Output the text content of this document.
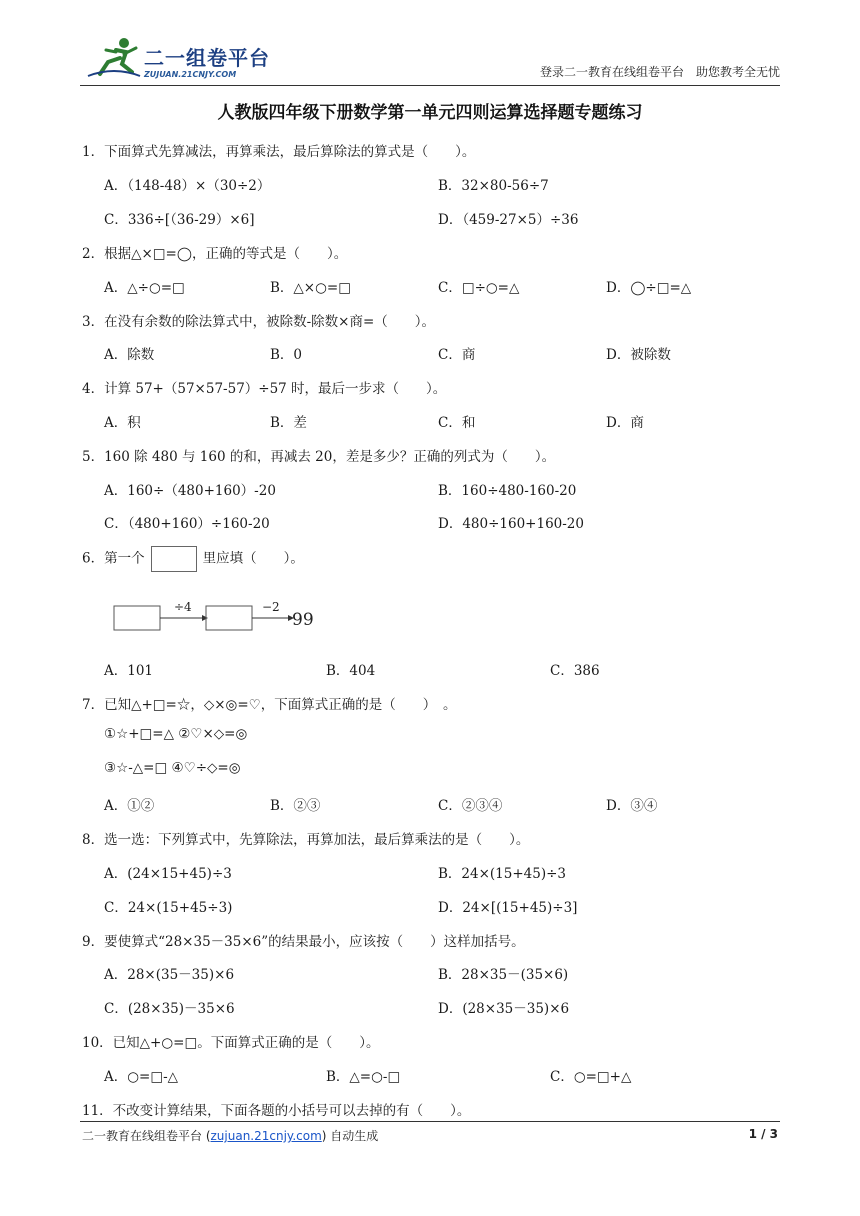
二一组卷平台
ZUJUAN.21CNJY.COM	登录二一教育在线组卷平台　助您教考全无忧
人教版四年级下册数学第一单元四则运算选择题专题练习
1．下面算式先算减法，再算乘法，最后算除法的算式是（　　）。
A．（148-48）×（30÷2）	B．32×80-56÷7
C．336÷[（36-29）×6]	D．（459-27×5）÷36
2．根据△×□=◯，正确的等式是（　　）。
A．△÷○=□	B．△×○=□	C．□÷○=△	D．◯÷□=△
3．在没有余数的除法算式中，被除数-除数×商=（　　）。
A．除数	B．0	C．商	D．被除数
4．计算 57+（57×57-57）÷57 时，最后一步求（　　）。
A．积	B．差	C．和	D．商
5．160 除 480 与 160 的和，再减去 20，差是多少？正确的列式为（　　）。
A．160÷（480+160）-20	B．160÷480-160-20
C．（480+160）÷160-20	D．480÷160+160-20
6．第一个	里应填（　　）。
÷4	−2
99
A．101	B．404	C．386
7．已知△+□=☆，◇×◎=♡，下面算式正确的是（　　）　。
①☆+□=△ ②♡×◇=◎
③☆-△=□ ④♡÷◇=◎
A．①②	B．②③	C．②③④	D．③④
8．选一选：下列算式中，先算除法，再算加法，最后算乘法的是（　　）。
A．(24×15+45)÷3	B．24×(15+45)÷3
C．24×(15+45÷3)	D．24×[(15+45)÷3]
9．要使算式“28×35－35×6”的结果最小，应该按（　　）这样加括号。
A．28×(35－35)×6	B．28×35－(35×6)
C．(28×35)－35×6	D．(28×35－35)×6
10．已知△+○=□。下面算式正确的是（　　）。
A．○=□-△	B．△=○-□	C．○=□+△
11．不改变计算结果，下面各题的小括号可以去掉的有（　　）。
二一教育在线组卷平台 (zujuan.21cnjy.com) 自动生成	1 / 3
